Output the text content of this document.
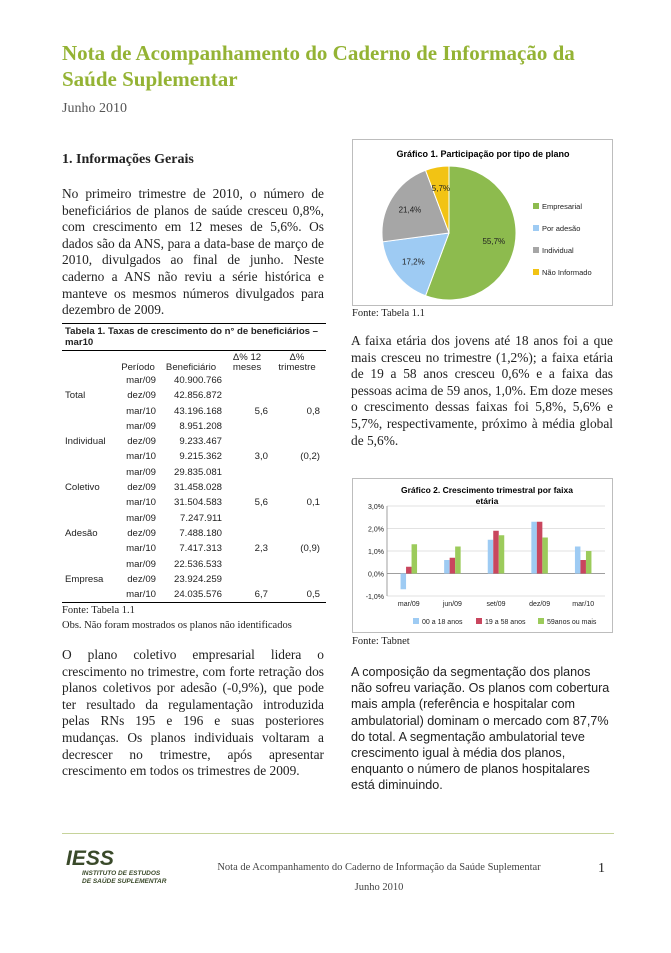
Nota de Acompanhamento do Caderno de Informação da Saúde Suplementar
Junho 2010
1. Informações Gerais
No primeiro trimestre de 2010, o número de beneficiários de planos de saúde cresceu 0,8%, com crescimento em 12 meses de 5,6%. Os dados são da ANS, para a data-base de março de 2010, divulgados ao final de junho. Neste caderno a ANS não reviu a série histórica e manteve os mesmos números divulgados para dezembro de 2009.
Tabela 1. Taxas de crescimento do n° de beneficiários –mar10
	Período	Beneficiário	Δ% 12 meses	Δ% trimestre
	mar/09	40.900.766		
Total	dez/09	42.856.872		
	mar/10	43.196.168	5,6	0,8
	mar/09	8.951.208		
Individual	dez/09	9.233.467		
	mar/10	9.215.362	3,0	(0,2)
	mar/09	29.835.081		
Coletivo	dez/09	31.458.028		
	mar/10	31.504.583	5,6	0,1
	mar/09	7.247.911		
Adesão	dez/09	7.488.180		
	mar/10	7.417.313	2,3	(0,9)
	mar/09	22.536.533		
Empresa	dez/09	23.924.259		
	mar/10	24.035.576	6,7	0,5
Fonte: Tabela 1.1
Obs. Não foram mostrados os planos não identificados
O plano coletivo empresarial lidera o crescimento no trimestre, com forte retração dos planos coletivos por adesão (-0,9%), que pode ter resultado da regulamentação introduzida pelas RNs 195 e 196 e suas posteriores mudanças. Os planos individuais voltaram a decrescer no trimestre, após apresentar crescimento em todos os trimestres de 2009.
Gráfico 1. Participação por tipo de plano
55,7%
17,2%
21,4%
5,7%
Empresarial
Por adesão
Individual
Não Informado
Fonte: Tabela 1.1
A faixa etária dos jovens até 18 anos foi a que mais cresceu no trimestre (1,2%); a faixa etária de 19 a 58 anos cresceu 0,6% e a faixa das pessoas acima de 59 anos, 1,0%. Em doze meses o crescimento dessas faixas foi 5,8%, 5,6% e 5,7%, respectivamente, próximo à média global de 5,6%.
Gráfico 2. Crescimento trimestral por faixa
etária
-1,0%
0,0%
1,0%
2,0%
3,0%
mar/09	jun/09	set/09	dez/09	mar/10
00 a 18 anos	19 a 58 anos	59anos ou mais
Fonte: Tabnet
A composição da segmentação dos planos não sofreu variação. Os planos com cobertura mais ampla (referência e hospitalar com ambulatorial) dominam o mercado com 87,7% do total. A segmentação ambulatorial teve crescimento igual à média dos planos, enquanto o número de planos hospitalares está diminuindo.
IESS
INSTITUTO DE ESTUDOS
DE SAÚDE SUPLEMENTAR
Nota de Acompanhamento do Caderno de Informação da Saúde Suplementar
Junho 2010
1
